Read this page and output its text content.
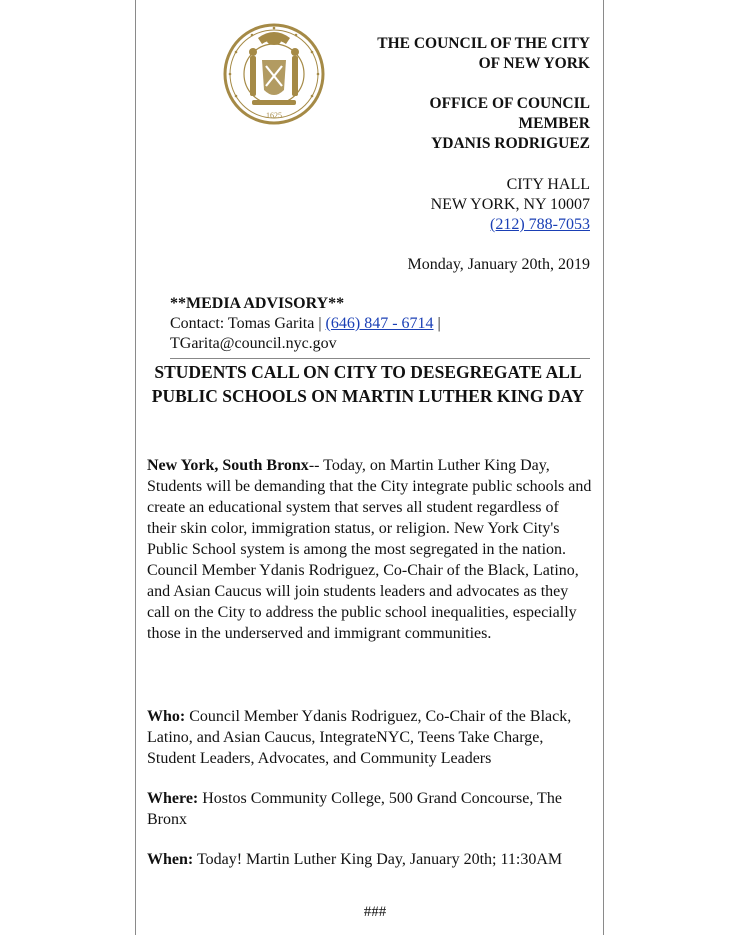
1625
THE COUNCIL OF THE CITY
OF NEW YORK
OFFICE OF COUNCIL
MEMBER
YDANIS RODRIGUEZ
CITY HALL
NEW YORK, NY 10007
(212) 788-7053
Monday, January 20th, 2019
**MEDIA ADVISORY**
Contact: Tomas Garita | (646) 847 - 6714 |
TGarita@council.nyc.gov
STUDENTS CALL ON CITY TO DESEGREGATE ALL PUBLIC SCHOOLS ON MARTIN LUTHER KING DAY
New York, South Bronx-- Today, on Martin Luther King Day, Students will be demanding that the City integrate public schools and create an educational system that serves all student regardless of their skin color, immigration status, or religion. New York City's Public School system is among the most segregated in the nation. Council Member Ydanis Rodriguez, Co-Chair of the Black, Latino, and Asian Caucus will join students leaders and advocates as they call on the City to address the public school inequalities, especially those in the underserved and immigrant communities.
Who: Council Member Ydanis Rodriguez, Co-Chair of the Black, Latino, and Asian Caucus, IntegrateNYC, Teens Take Charge, Student Leaders, Advocates, and Community Leaders
Where: Hostos Community College, 500 Grand Concourse, The Bronx
When: Today! Martin Luther King Day, January 20th; 11:30AM
###
